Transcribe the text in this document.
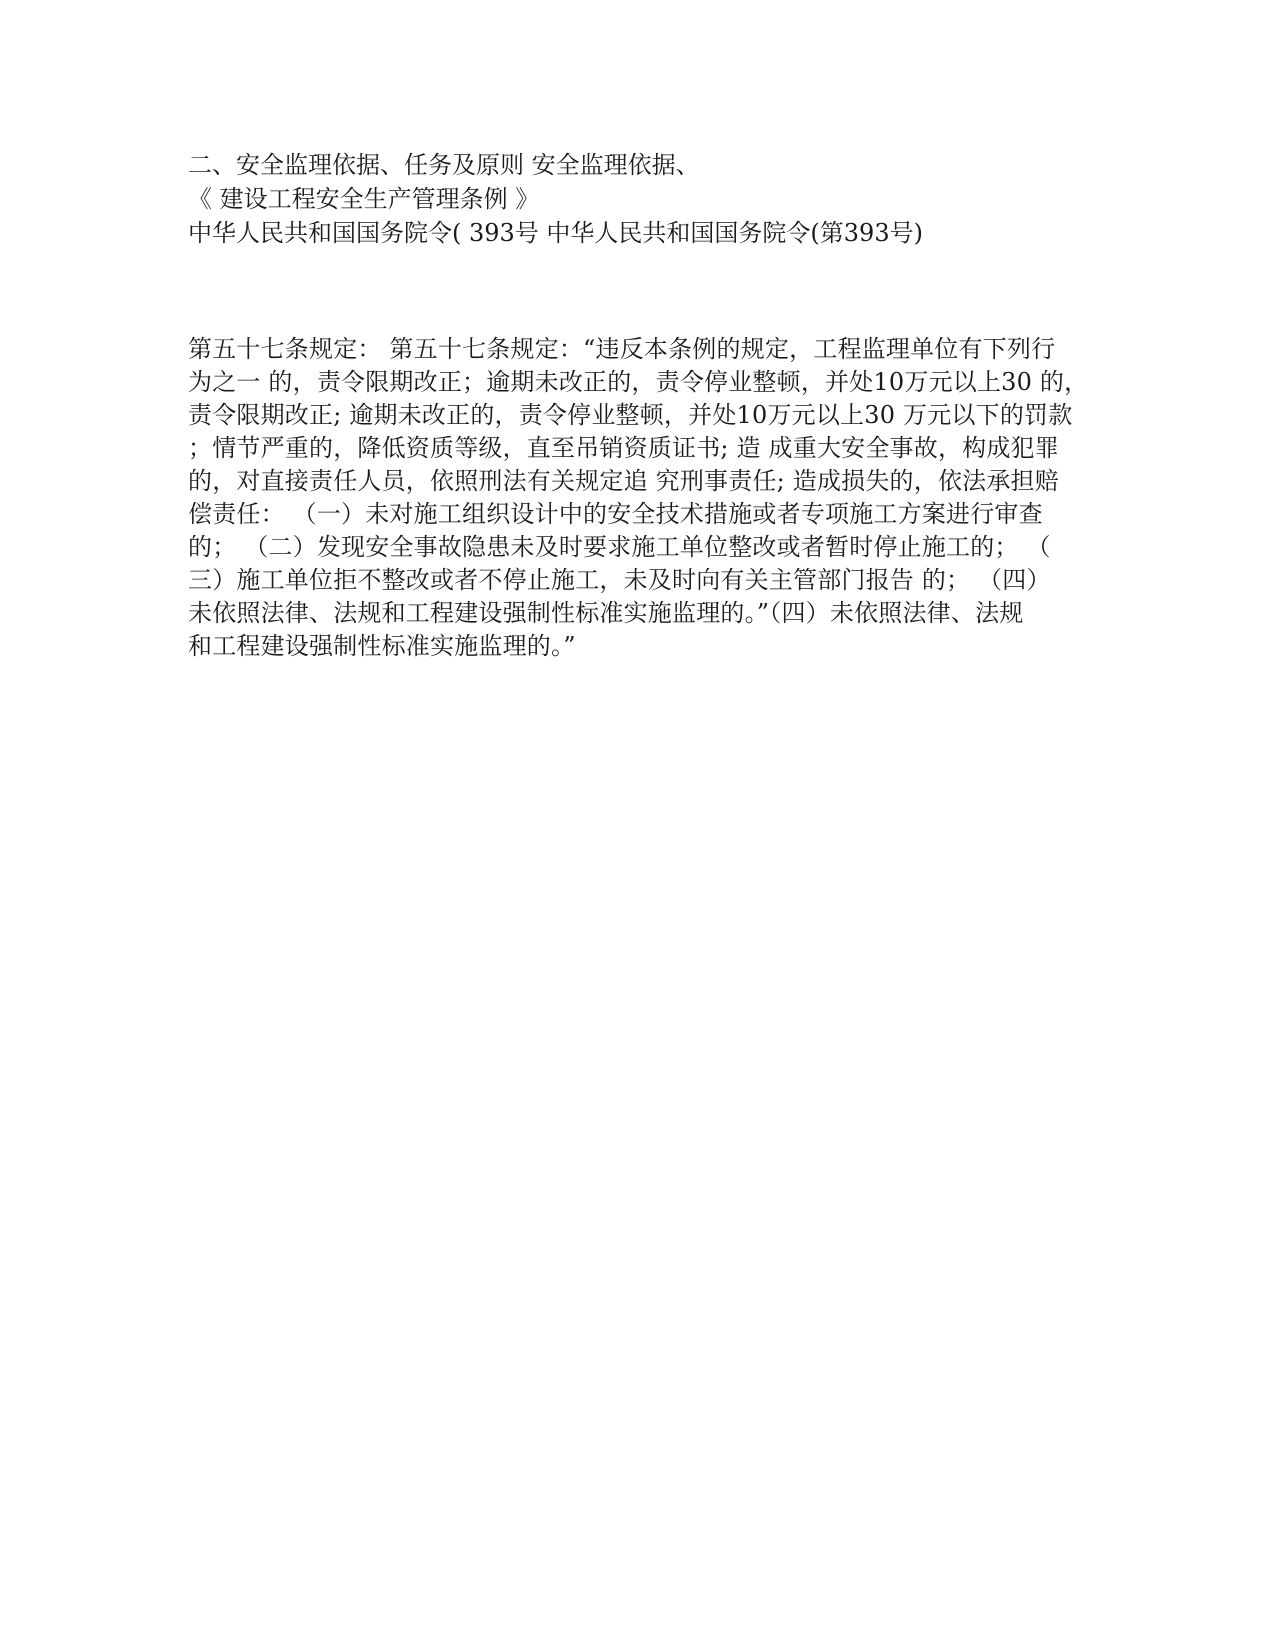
二、安全监理依据、任务及原则 安全监理依据、

《 建设工程安全生产管理条例 》

中华人民共和国国务院令( 393号 中华人民共和国国务院令(第393号)

第五十七条规定： 第五十七条规定：“违反本条例的规定，工程监理单位有下列行

为之一 的，责令限期改正；逾期未改正的，责令停业整顿，并处10万元以上30 的，

责令限期改正; 逾期未改正的，责令停业整顿，并处10万元以上30 万元以下的罚款

；情节严重的，降低资质等级，直至吊销资质证书; 造 成重大安全事故，构成犯罪

的，对直接责任人员，依照刑法有关规定追 究刑事责任; 造成损失的，依法承担赔

偿责任： （一）未对施工组织设计中的安全技术措施或者专项施工方案进行审查

的； （二）发现安全事故隐患未及时要求施工单位整改或者暂时停止施工的； （

三）施工单位拒不整改或者不停止施工，未及时向有关主管部门报告 的； （四）

未依照法律、法规和工程建设强制性标准实施监理的。”（四）未依照法律、法规

和工程建设强制性标准实施监理的。”
